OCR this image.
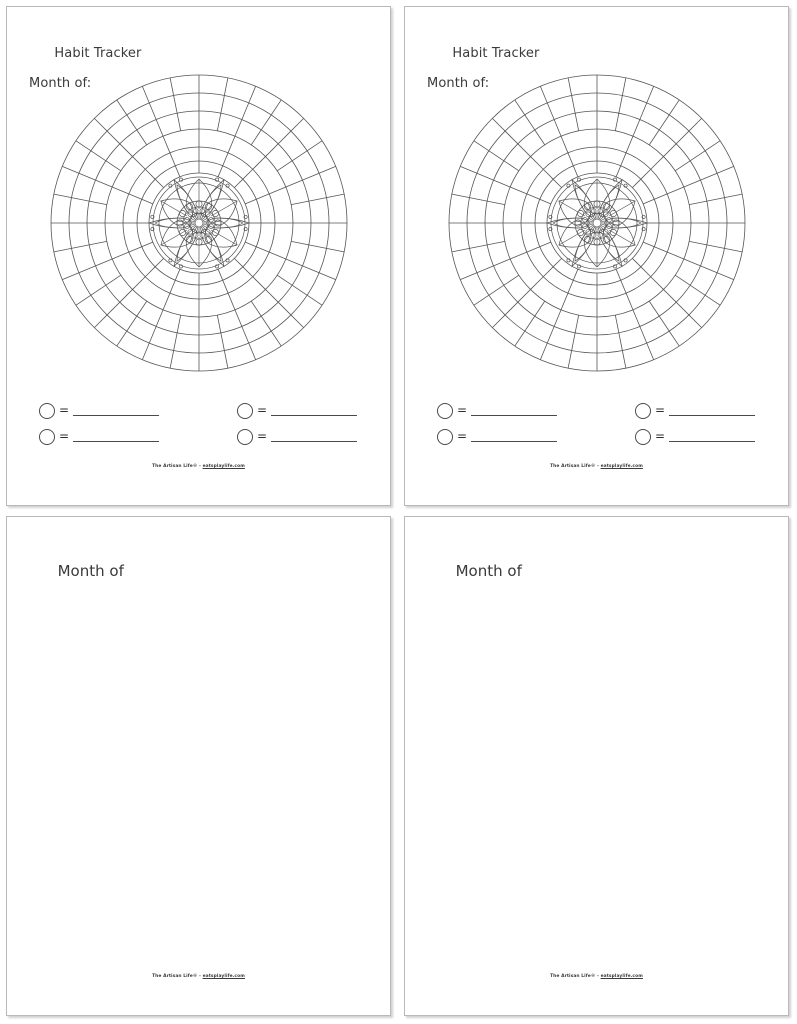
Habit Tracker

Month of:

=
=
=
=
The Artisan Life® - eatsplaylife.com

Habit Tracker

Month of:

=
=
=
=
The Artisan Life® - eatsplaylife.com

Month of

The Artisan Life® - eatsplaylife.com

Month of

The Artisan Life® - eatsplaylife.com
